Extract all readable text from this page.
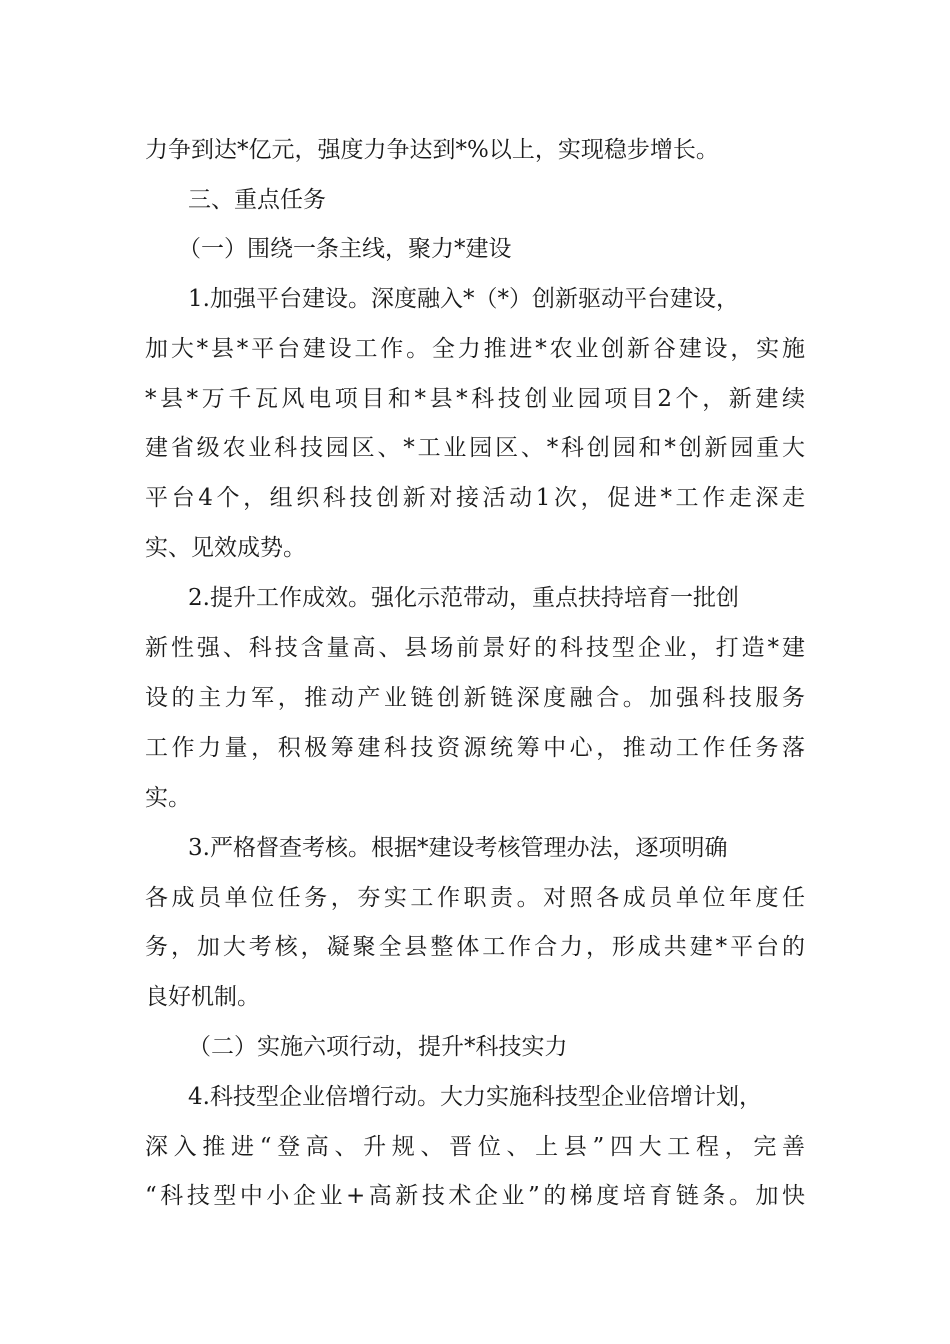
力争到达*亿元，强度力争达到*%以上，实现稳步增长。
三、重点任务
（一）围绕一条主线，聚力*建设
1.加强平台建设。深度融入*（*）创新驱动平台建设，
加大*县*平台建设工作。全力推进*农业创新谷建设，实施
*县*万千瓦风电项目和*县*科技创业园项目2个，新建续
建省级农业科技园区、*工业园区、*科创园和*创新园重大
平台4个，组织科技创新对接活动1次，促进*工作走深走
实、见效成势。
2.提升工作成效。强化示范带动，重点扶持培育一批创
新性强、科技含量高、县场前景好的科技型企业，打造*建
设的主力军，推动产业链创新链深度融合。加强科技服务
工作力量，积极筹建科技资源统筹中心，推动工作任务落
实。
3.严格督查考核。根据*建设考核管理办法，逐项明确
各成员单位任务，夯实工作职责。对照各成员单位年度任
务，加大考核，凝聚全县整体工作合力，形成共建*平台的
良好机制。
（二）实施六项行动，提升*科技实力
4.科技型企业倍增行动。大力实施科技型企业倍增计划，
深入推进“登高、升规、晋位、上县”四大工程，完善
“科技型中小企业+高新技术企业”的梯度培育链条。加快
